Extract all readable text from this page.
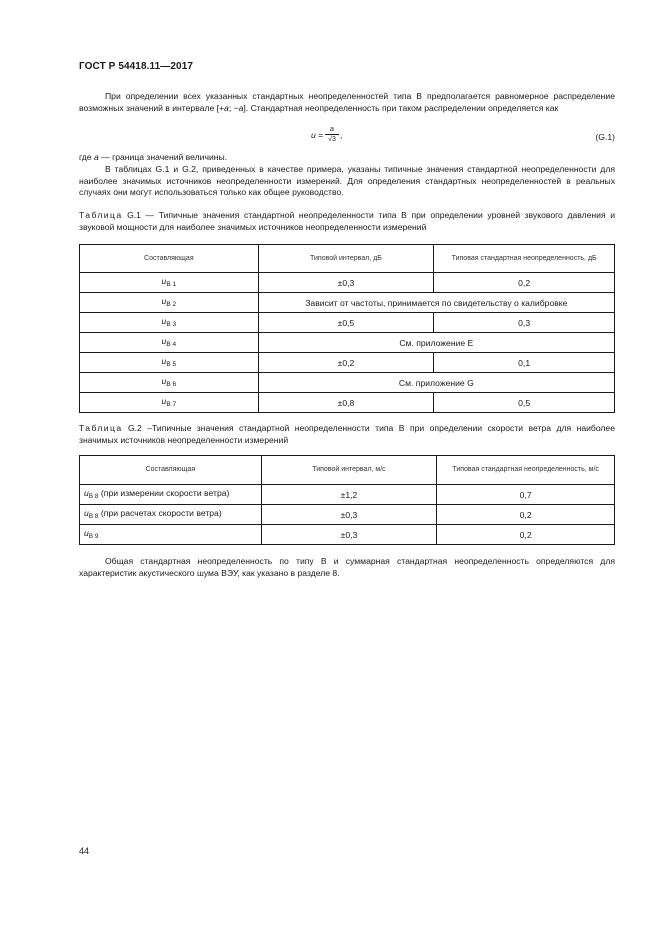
ГОСТ Р 54418.11—2017

При определении всех указанных стандартных неопределенностей типа В предполагается равномерное распределение возможных значений в интервале [+a; −a]. Стандартная неопределенность при таком распределении определяется как

$u = \frac{a}{√3}$ ,	(G.1)

где a — граница значений величины.

В таблицах G.1 и G.2, приведенных в качестве примера, указаны типичные значения стандартной неопределенности для наиболее значимых источников неопределенности измерений. Для определения стандартных неопределенностей в реальных случаях они могут использоваться только как общее руководство.

Таблица G.1 — Типичные значения стандартной неопределенности типа В при определении уровней звукового давления и звуковой мощности для наиболее значимых источников неопределенности измерений

Составляющая	Типовой интервал, дБ	Типовая стандартная неопределенность, дБ
$u_{В 1}$	±0,3	0,2
$u_{В 2}$	Зависит от частоты, принимается по свидетельству о калибровке	
$u_{В 3}$	±0,5	0,3
$u_{В 4}$	См. приложение Е	
$u_{В 5}$	±0,2	0,1
$u_{В 6}$	См. приложение G	
$u_{В 7}$	±0,8	0,5

Таблица G.2 –Типичные значения стандартной неопределенности типа В при определении скорости ветра для наиболее значимых источников неопределенности измерений

Составляющая	Типовой интервал, м/с	Типовая стандартная неопределенность, м/с
$u_{В 8}$ (при измерении скорости ветра)	±1,2	0,7
$u_{В 8}$ (при расчетах скорости ветра)	±0,3	0,2
$u_{В 9}$	±0,3	0,2

Общая стандартная неопределенность по типу В и суммарная стандартная неопределенность определяются для характеристик акустического шума ВЭУ, как указано в разделе 8.

44
